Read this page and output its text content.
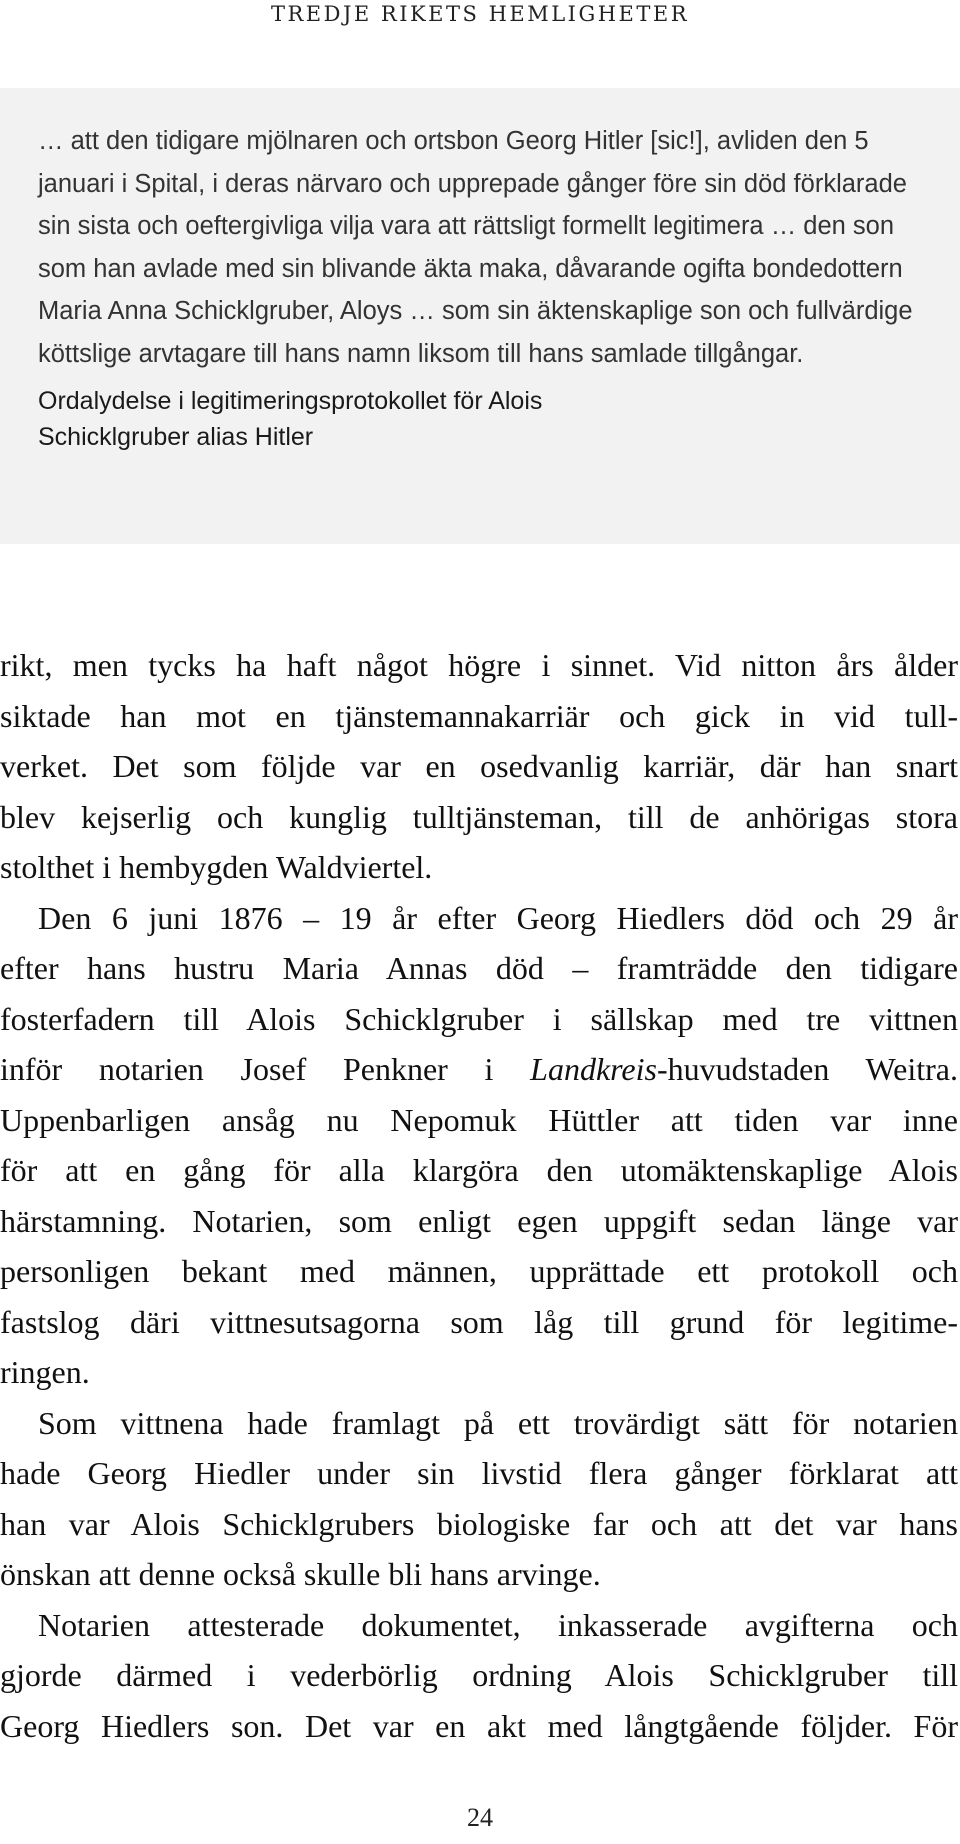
TREDJE RIKETS HEMLIGHETER

… att den tidigare mjölnaren och ortsbon Georg Hitler [sic!], avliden den 5 januari i Spital, i deras närvaro och upprepade gånger före sin död förklarade sin sista och oeftergivliga vilja vara att rättsligt formellt legitimera … den son som han avlade med sin blivande äkta maka, dåvarande ogifta bondedottern Maria Anna Schicklgruber, Aloys … som sin äktenskaplige son och fullvärdige köttslige arvtagare till hans namn liksom till hans samlade tillgångar.

Ordalydelse i legitimeringsprotokollet för Alois Schicklgruber alias Hitler

rikt, men tycks ha haft något högre i sinnet. Vid nitton års ålder
siktade han mot en tjänstemannakarriär och gick in vid tull-
verket. Det som följde var en osedvanlig karriär, där han snart
blev kejserlig och kunglig tulltjänsteman, till de anhörigas stora
stolthet i hembygden Waldviertel.
Den 6 juni 1876 – 19 år efter Georg Hiedlers död och 29 år
efter hans hustru Maria Annas död – framträdde den tidigare
fosterfadern till Alois Schicklgruber i sällskap med tre vittnen
inför notarien Josef Penkner i Landkreis-huvudstaden Weitra.
Uppenbarligen ansåg nu Nepomuk Hüttler att tiden var inne
för att en gång för alla klargöra den utomäktenskaplige Alois
härstamning. Notarien, som enligt egen uppgift sedan länge var
personligen bekant med männen, upprättade ett protokoll och
fastslog däri vittnesutsagorna som låg till grund för legitime-
ringen.
Som vittnena hade framlagt på ett trovärdigt sätt för notarien
hade Georg Hiedler under sin livstid flera gånger förklarat att
han var Alois Schicklgrubers biologiske far och att det var hans
önskan att denne också skulle bli hans arvinge.
Notarien attesterade dokumentet, inkasserade avgifterna och
gjorde därmed i vederbörlig ordning Alois Schicklgruber till
Georg Hiedlers son. Det var en akt med långtgående följder. För
24
